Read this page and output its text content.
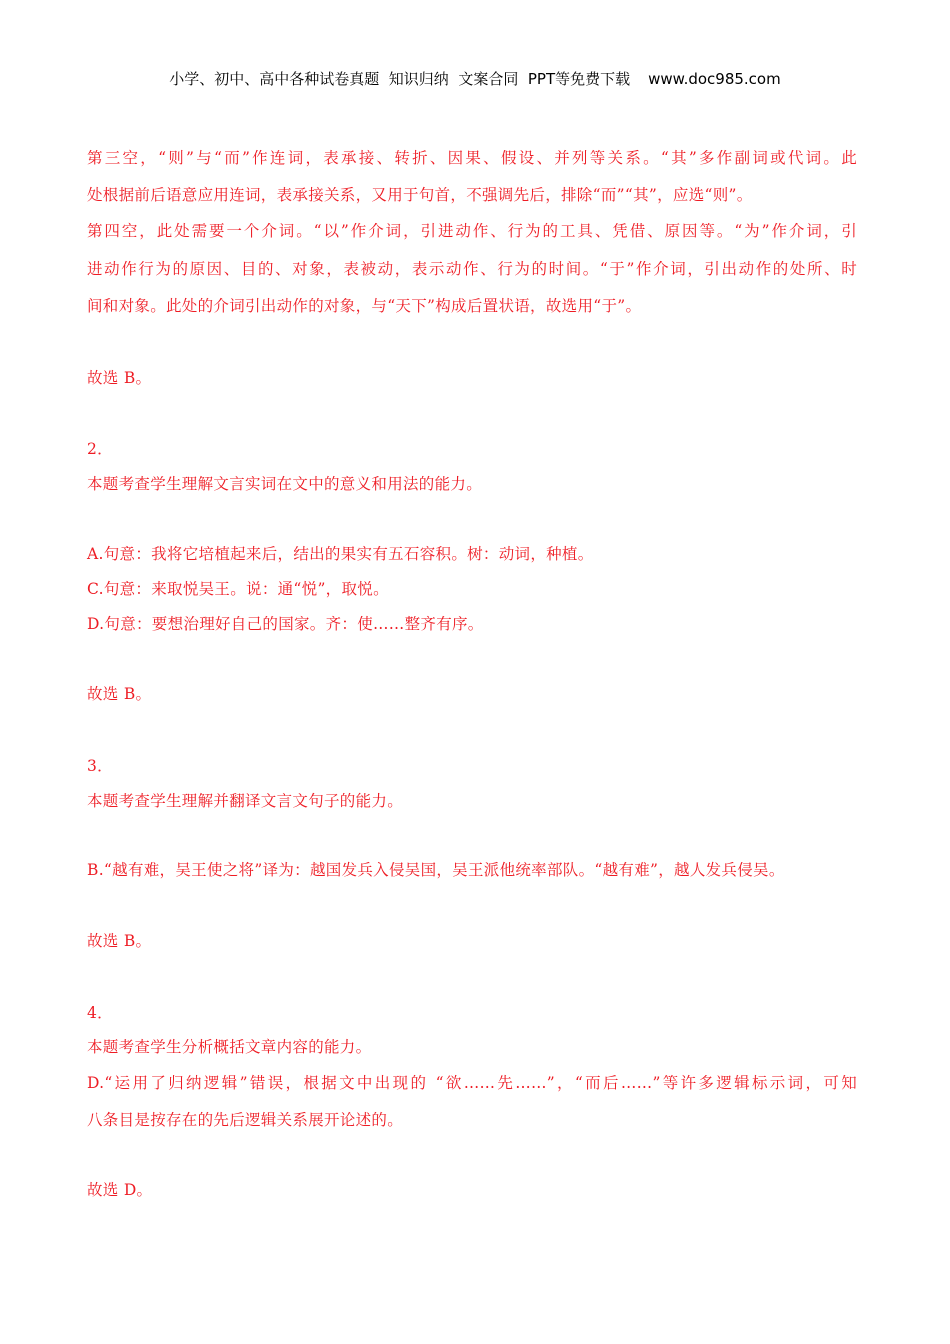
小学、初中、高中各种试卷真题  知识归纳  文案合同  PPT等免费下载 www.doc985.com
第三空，“则”与“而”作连词，表承接、转折、因果、假设、并列等关系。“其”多作副词或代词。此
处根据前后语意应用连词，表承接关系，又用于句首，不强调先后，排除“而”“其”，应选“则”。
第四空，此处需要一个介词。“以”作介词，引进动作、行为的工具、凭借、原因等。“为”作介词，引
进动作行为的原因、目的、对象，表被动，表示动作、行为的时间。“于”作介词，引出动作的处所、时
间和对象。此处的介词引出动作的对象，与“天下”构成后置状语，故选用“于”。
故选 B。
2．
本题考查学生理解文言实词在文中的意义和用法的能力。
A.句意：我将它培植起来后，结出的果实有五石容积。树：动词，种植。
C.句意：来取悦吴王。说：通“悦”，取悦。
D.句意：要想治理好自己的国家。齐：使……整齐有序。
故选 B。
3．
本题考查学生理解并翻译文言文句子的能力。
B.“越有难，吴王使之将”译为：越国发兵入侵吴国，吴王派他统率部队。“越有难”，越人发兵侵吴。
故选 B。
4．
本题考查学生分析概括文章内容的能力。
D.“运用了归纳逻辑”错误，根据文中出现的 “欲……先……”，“而后……”等许多逻辑标示词，可知
八条目是按存在的先后逻辑关系展开论述的。
故选 D。
